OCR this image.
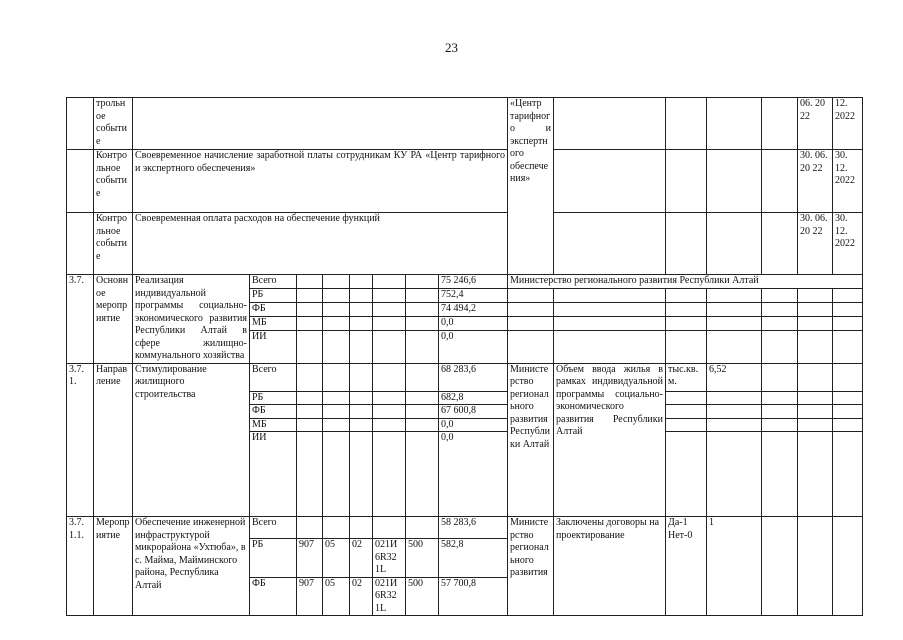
23
	трольное событие									«Центр тарифного и экспертного обеспечения»					06. 20 22	12. 2022
	Контрольное событие	Своевременное начисление заработной платы сотрудникам КУ РА «Центр тарифного и экспертного обеспечения»													30. 06. 20 22	30. 12. 2022
	Контрольное событие	Своевременная оплата расходов на обеспечение функций													30. 06. 20 22	30. 12. 2022
3.7.	Основное мероприятие	Реализация индивидуальной программы социально-экономического развития Республики Алтай в сфере жилищно-коммунального хозяйства	Всего						75 246,6	Министерство регионального развития Республики Алтай						
			РБ						752,4							
			ФБ						74 494,2							
			МБ						0,0							
			ИИ						0,0							

3.7. 1.	Направление	Стимулирование жилищного строительства	Всего						68 283,6	Министерство регионального развития Республики Алтай	Объем ввода жилья в рамках индивидуальной программы социально-экономического развития Республики Алтай	тыс.кв.м.	6,52			
			РБ						682,8							
			ФБ						67 600,8							
			МБ						0,0							
			ИИ						0,0							
3.7. 1.1.	Мероприятие	Обеспечение инженерной инфраструктурой микрорайона «Ухтюба», в с. Майма, Майминского района, Республика Алтай	Всего						58 283,6	Министерство регионального развития	Заключены договоры на проектирование	Да-1 Нет-0	1			
			РБ	907	05	02	021И 6R32 1L	500	582,8							
			ФБ	907	05	02	021И 6R32 1L	500	57 700,8							
